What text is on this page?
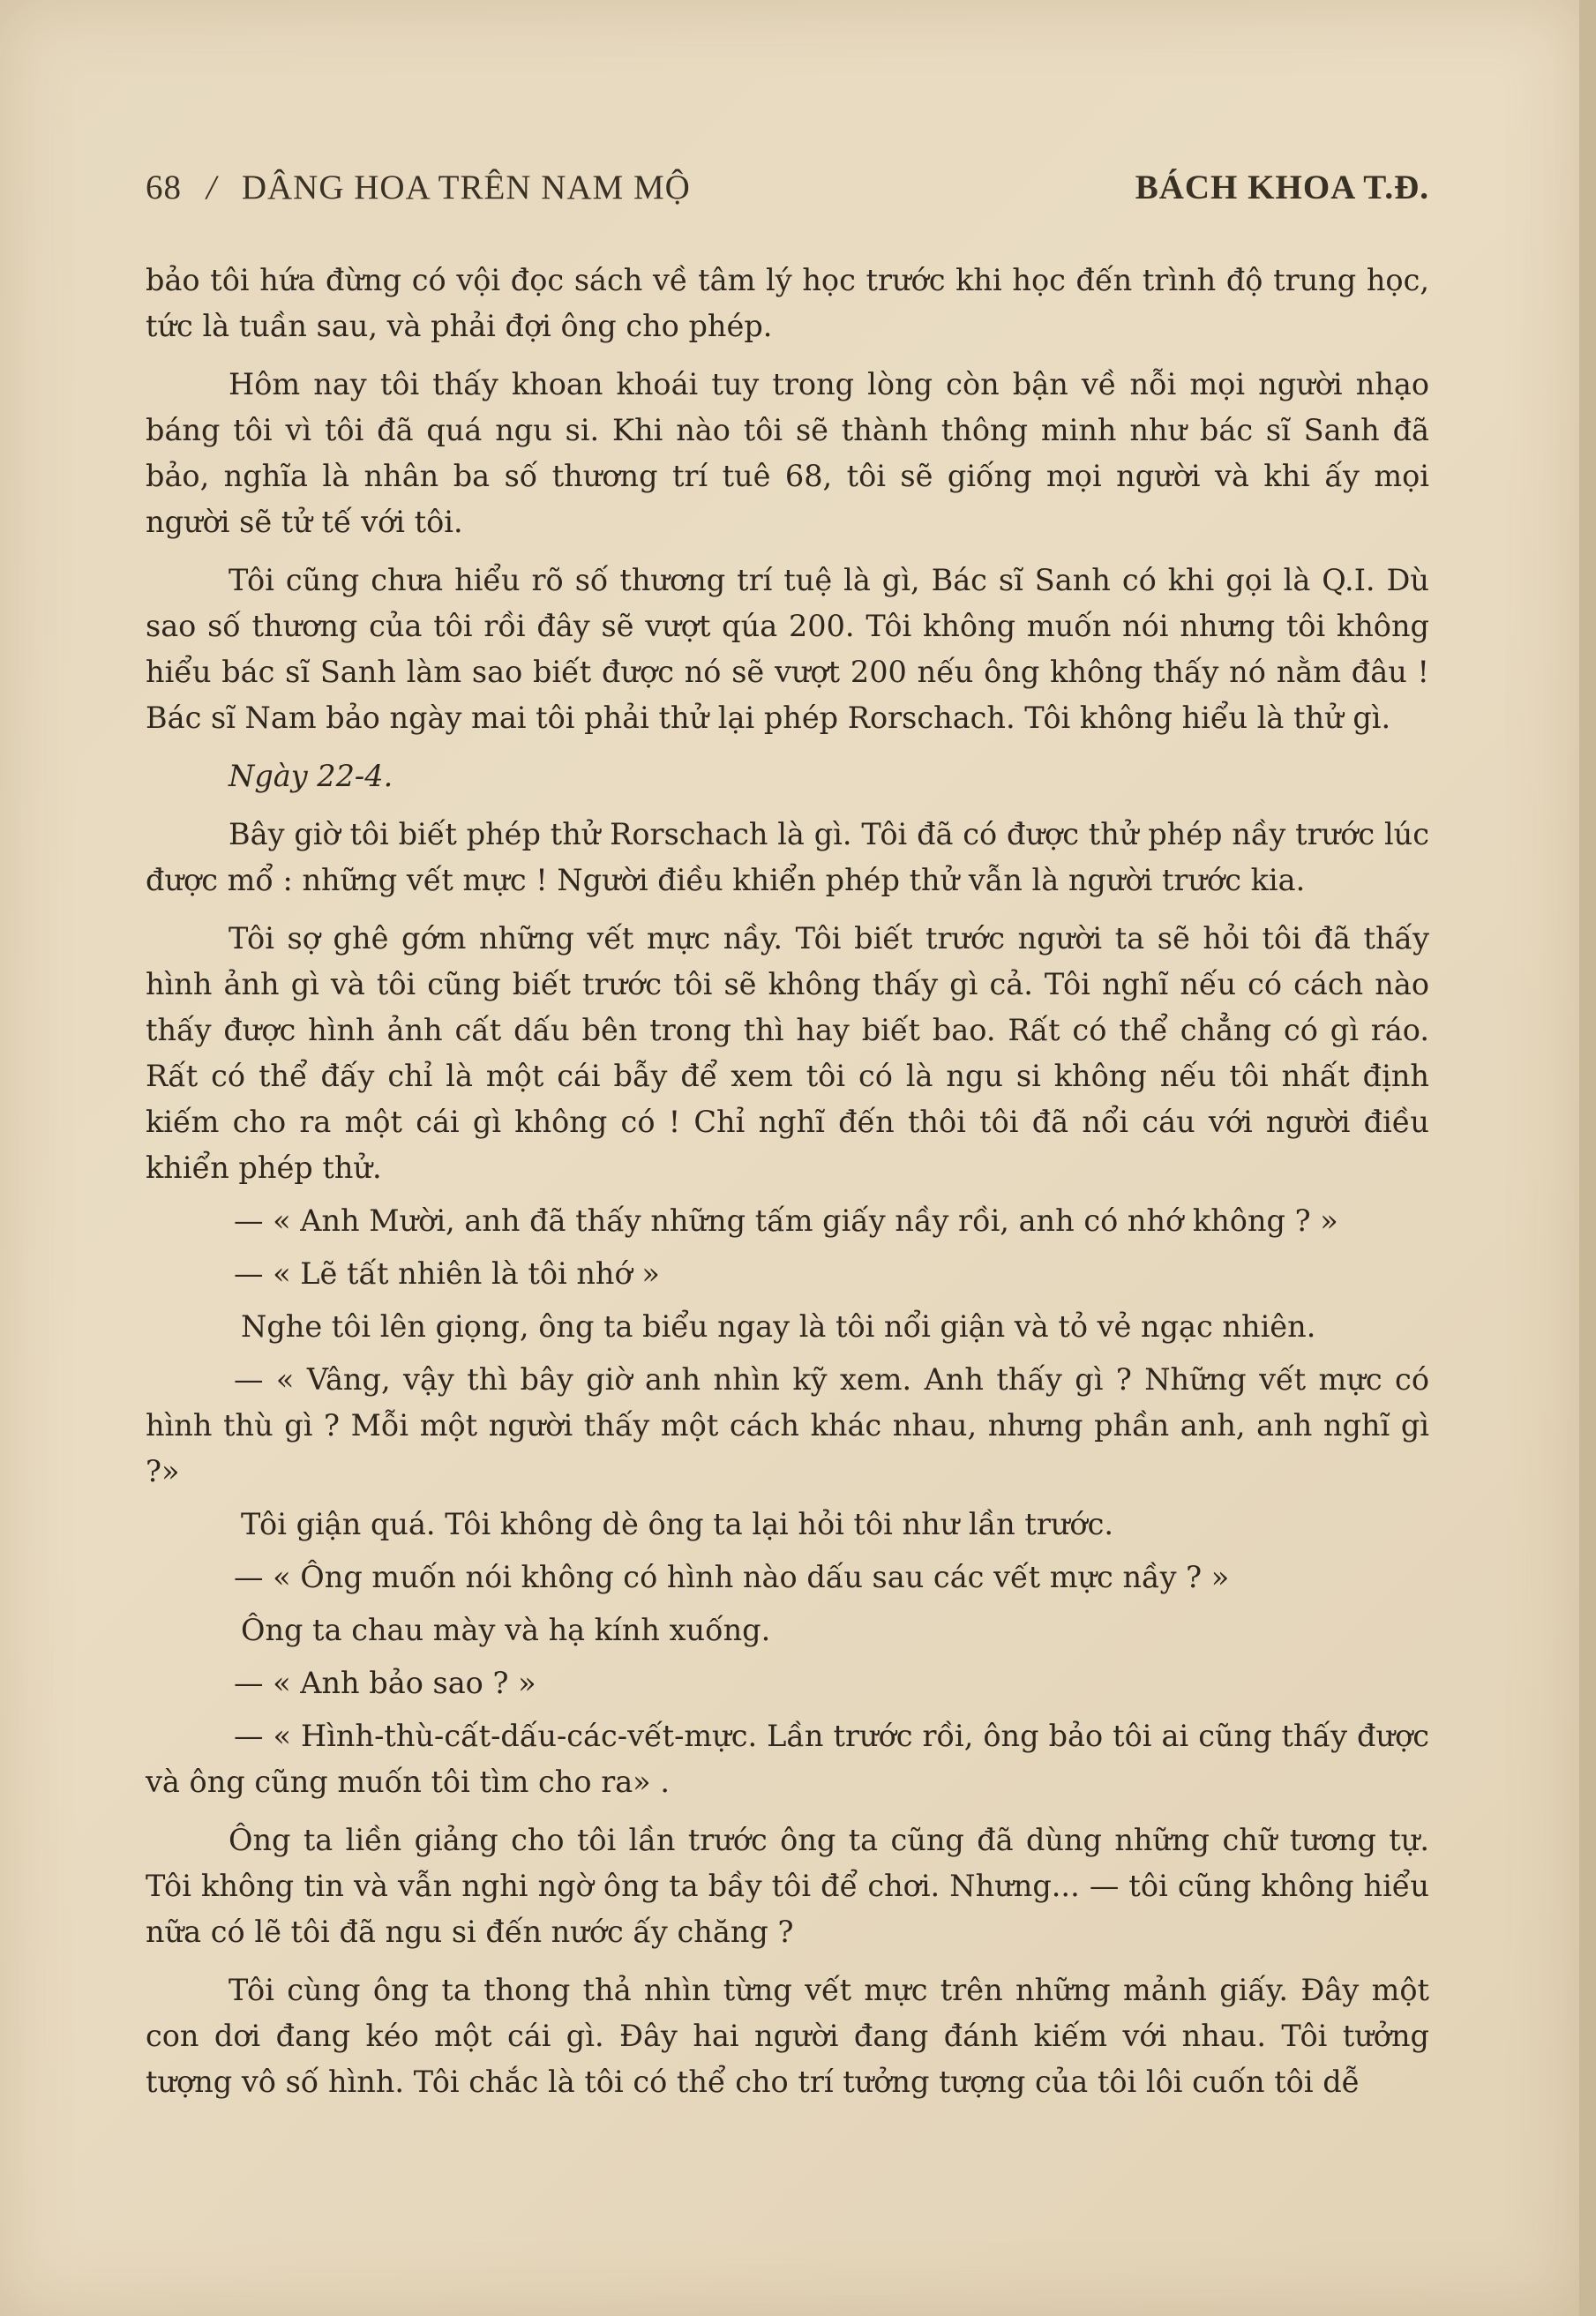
68 / DÂNG HOA TRÊN NAM MỘ	BÁCH KHOA T.Đ.

bảo tôi hứa đừng có vội đọc sách về tâm lý học trước khi học đến trình độ trung học, tức là tuần sau, và phải đợi ông cho phép.

Hôm nay tôi thấy khoan khoái tuy trong lòng còn bận về nỗi mọi người nhạo báng tôi vì tôi đã quá ngu si. Khi nào tôi sẽ thành thông minh như bác sĩ Sanh đã bảo, nghĩa là nhân ba số thương trí tuê 68, tôi sẽ giống mọi người và khi ấy mọi người sẽ tử tế với tôi.

Tôi cũng chưa hiểu rõ số thương trí tuệ là gì, Bác sĩ Sanh có khi gọi là Q.I. Dù sao số thương của tôi rồi đây sẽ vượt qúa 200. Tôi không muốn nói nhưng tôi không hiểu bác sĩ Sanh làm sao biết được nó sẽ vượt 200 nếu ông không thấy nó nằm đâu ! Bác sĩ Nam bảo ngày mai tôi phải thử lại phép Rorschach. Tôi không hiểu là thử gì.

Ngày 22-4.

Bây giờ tôi biết phép thử Rorschach là gì. Tôi đã có được thử phép nầy trước lúc được mổ : những vết mực ! Người điều khiển phép thử vẫn là người trước kia.

Tôi sợ ghê gớm những vết mực nầy. Tôi biết trước người ta sẽ hỏi tôi đã thấy hình ảnh gì và tôi cũng biết trước tôi sẽ không thấy gì cả. Tôi nghĩ nếu có cách nào thấy được hình ảnh cất dấu bên trong thì hay biết bao. Rất có thể chẳng có gì ráo. Rất có thể đấy chỉ là một cái bẫy để xem tôi có là ngu si không nếu tôi nhất định kiếm cho ra một cái gì không có ! Chỉ nghĩ đến thôi tôi đã nổi cáu với người điều khiển phép thử.

— « Anh Mười, anh đã thấy những tấm giấy nầy rồi, anh có nhớ không ? »

— « Lẽ tất nhiên là tôi nhớ »

Nghe tôi lên giọng, ông ta biểu ngay là tôi nổi giận và tỏ vẻ ngạc nhiên.

— « Vâng, vậy thì bây giờ anh nhìn kỹ xem. Anh thấy gì ? Những vết mực có hình thù gì ? Mỗi một người thấy một cách khác nhau, nhưng phần anh, anh nghĩ gì ?»

Tôi giận quá. Tôi không dè ông ta lại hỏi tôi như lần trước.

— « Ông muốn nói không có hình nào dấu sau các vết mực nầy ? »

Ông ta chau mày và hạ kính xuống.

— « Anh bảo sao ? »

— « Hình-thù-cất-dấu-các-vết-mực. Lần trước rồi, ông bảo tôi ai cũng thấy được và ông cũng muốn tôi tìm cho ra» .

Ông ta liền giảng cho tôi lần trước ông ta cũng đã dùng những chữ tương tự. Tôi không tin và vẫn nghi ngờ ông ta bầy tôi để chơi. Nhưng... — tôi cũng không hiểu nữa có lẽ tôi đã ngu si đến nước ấy chăng ?

Tôi cùng ông ta thong thả nhìn từng vết mực trên những mảnh giấy. Đây một con dơi đang kéo một cái gì. Đây hai người đang đánh kiếm với nhau. Tôi tưởng tượng vô số hình. Tôi chắc là tôi có thể cho trí tưởng tượng của tôi lôi cuốn tôi dễ
